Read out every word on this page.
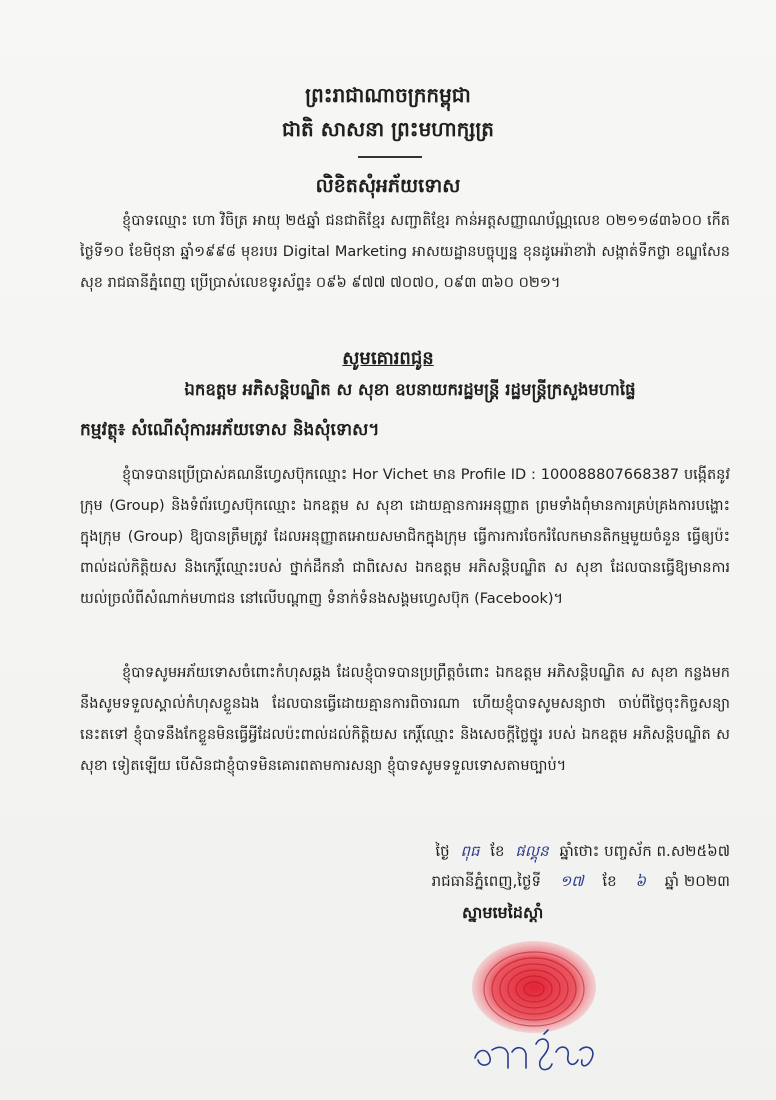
ព្រះរាជាណាចក្រកម្ពុជា
ជាតិ សាសនា ព្រះមហាក្សត្រ
លិខិតសុំអភ័យទោស
ខ្ញុំបាទឈ្មោះ ហោ វិចិត្រ អាយុ ២៥ឆ្នាំ ជនជាតិខ្មែរ សញ្ជាតិខ្មែរ កាន់អត្តសញ្ញាណប័ណ្ណលេខ ០២១១៨៣៦០០ កើតថ្ងៃទី១០ ខែមិថុនា ឆ្នាំ១៩៩៨ មុខរបរ Digital Marketing អាសយដ្ឋានបច្ចុប្បន្ន ខុនដូអេរ៉ាខាវ៉ា សង្កាត់ទឹកថ្លា ខណ្ឌសែនសុខ រាជធានីភ្នំពេញ ប្រើប្រាស់លេខទូរស័ព្ទ៖ ០៩៦ ៩៧៧ ៧០៧០, ០៩៣ ៣៦០ ០២១។
សូមគោរពជូន
ឯកឧត្តម អភិសន្តិបណ្ឌិត ស សុខា ឧបនាយករដ្ឋមន្ត្រី រដ្ឋមន្ត្រីក្រសួងមហាផ្ទៃ
កម្មវត្ថុ៖ សំណើសុំការអភ័យទោស និងសុំទោស។
ខ្ញុំបាទបានប្រើប្រាស់គណនីហ្វេសប៊ុកឈ្មោះ Hor Vichet មាន Profile ID : 100088807668387 បង្កើតនូវក្រុម (Group) និងទំព័រហ្វេសប៊ុកឈ្មោះ ឯកឧត្តម ស សុខា ដោយគ្មានការអនុញ្ញាត ព្រមទាំងពុំមានការគ្រប់គ្រងការបង្ហោះក្នុងក្រុម (Group) ឱ្យបានត្រឹមត្រូវ ដែលអនុញ្ញាតអោយសមាជិកក្នុងក្រុម ធ្វើការការចែករំលែកមានតិកម្មមួយចំនួន ធ្វើឲ្យប៉ះពាល់ដល់កិត្តិយស និងកេរ្តិ៍ឈ្មោះរបស់ ថ្នាក់ដឹកនាំ ជាពិសេស ឯកឧត្តម អភិសន្តិបណ្ឌិត ស សុខា ដែលបានធ្វើឱ្យមានការយល់ច្រលំពីសំណាក់មហាជន នៅលើបណ្តាញ ទំនាក់ទំនងសង្គមហ្វេសប៊ុក (Facebook)។
ខ្ញុំបាទសូមអភ័យទោសចំពោះកំហុសឆ្គង ដែលខ្ញុំបាទបានប្រព្រឹត្តចំពោះ ឯកឧត្តម អភិសន្តិបណ្ឌិត ស សុខា កន្លងមក នឹងសូមទទួលស្គាល់កំហុសខ្លួនឯង ដែលបានធ្វើដោយគ្មានការពិចារណា ហើយខ្ញុំបាទសូមសន្យាថា ចាប់ពីថ្ងៃចុះកិច្ចសន្យានេះតទៅ ខ្ញុំបាទនឹងកែខ្លួនមិនធ្វើអ្វីដែលប៉ះពាល់ដល់កិត្តិយស កេរ្តិ៍ឈ្មោះ និងសេចក្តីថ្លៃថ្នូរ របស់ ឯកឧត្តម អភិសន្តិបណ្ឌិត ស សុខា ទៀតឡើយ បើសិនជាខ្ញុំបាទមិនគោរពតាមការសន្យា ខ្ញុំបាទសូមទទួលទោសតាមច្បាប់។
ថ្ងៃ ពុធ ខែ ផល្គុន ឆ្នាំថោះ បញ្ចស័ក ព.ស២៥៦៧
រាជធានីភ្នំពេញ,ថ្ងៃទី ១៧ ខែ ៦ ឆ្នាំ ២០២៣
ស្នាមមេដៃស្តាំ
